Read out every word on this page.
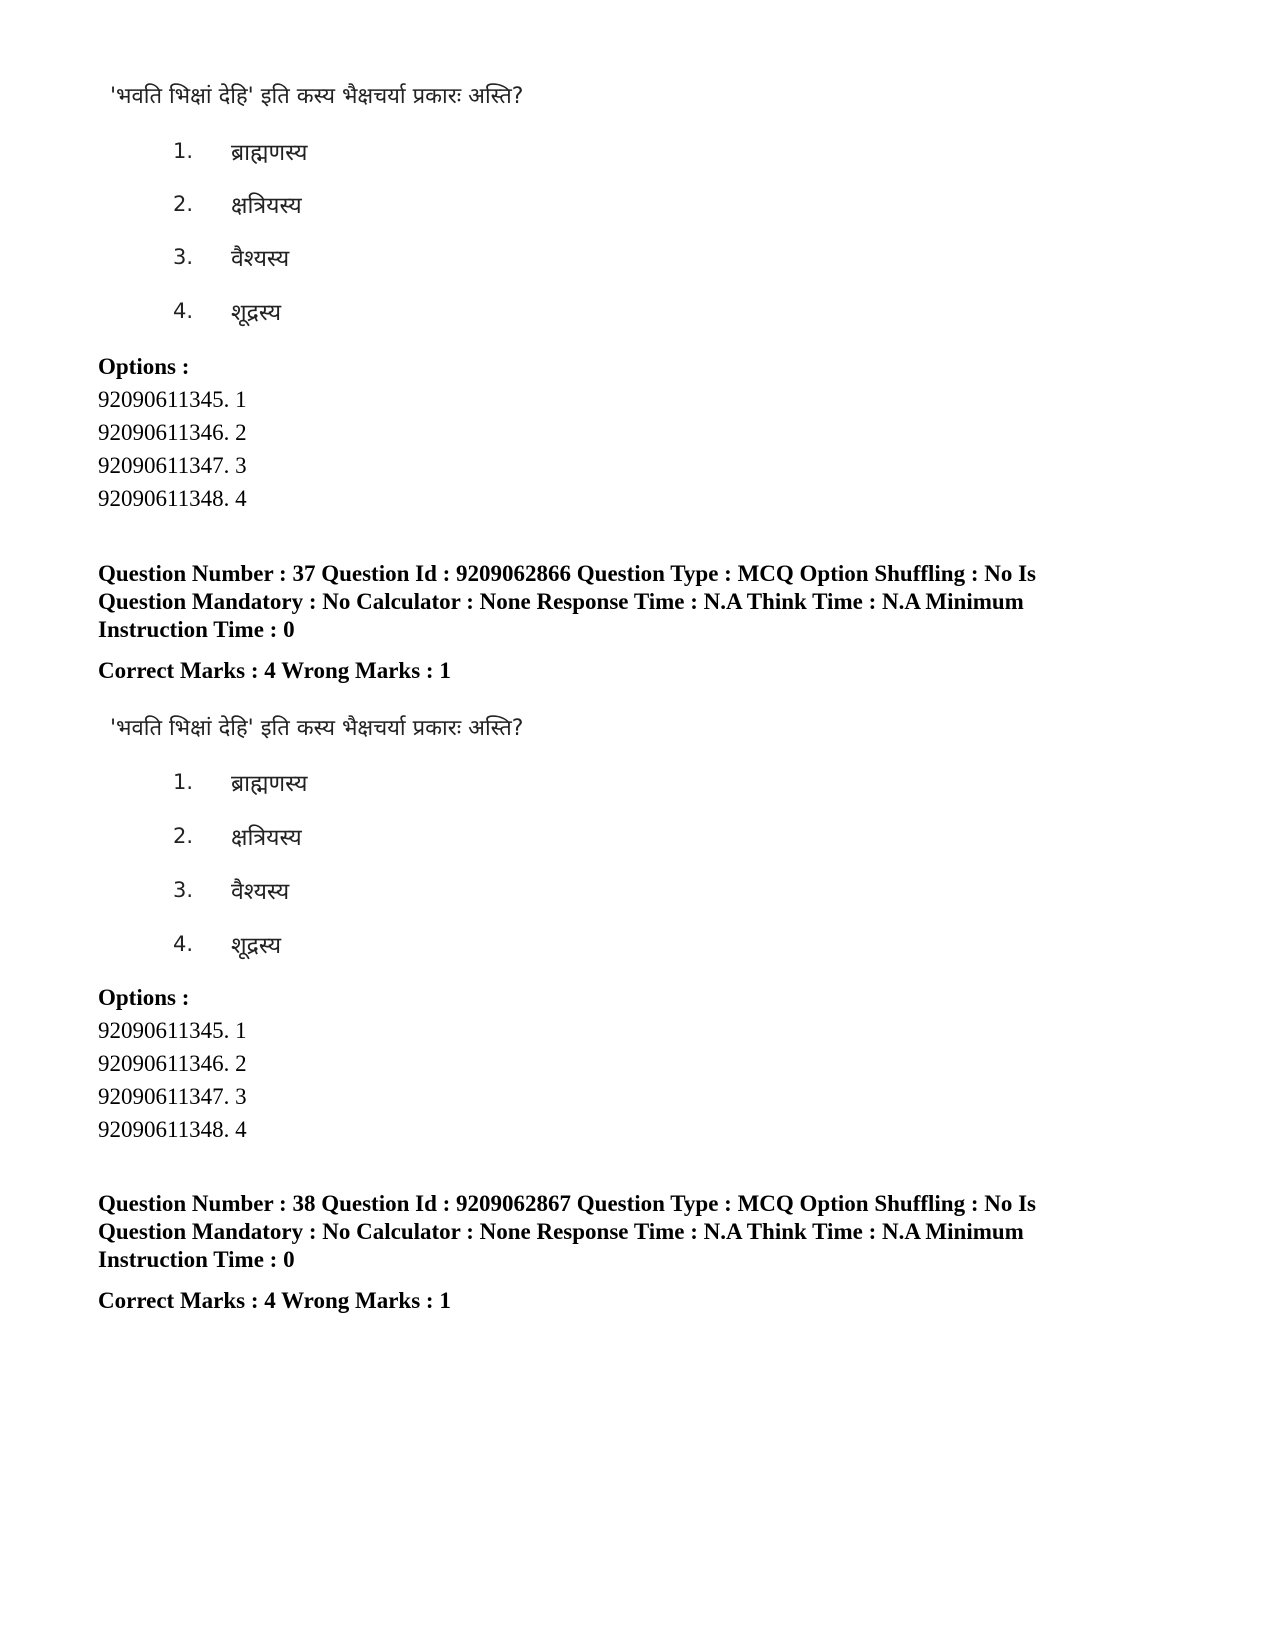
'भवति भिक्षां देहि' इति कस्य भैक्षचर्या प्रकारः अस्ति?
1.	ब्राह्मणस्य
2.	क्षत्रियस्य
3.	वैश्यस्य
4.	शूद्रस्य
Options :
92090611345. 1
92090611346. 2
92090611347. 3
92090611348. 4
Question Number : 37 Question Id : 9209062866 Question Type : MCQ Option Shuffling : No Is
Question Mandatory : No Calculator : None Response Time : N.A Think Time : N.A Minimum
Instruction Time : 0
Correct Marks : 4 Wrong Marks : 1
'भवति भिक्षां देहि' इति कस्य भैक्षचर्या प्रकारः अस्ति?
1.	ब्राह्मणस्य
2.	क्षत्रियस्य
3.	वैश्यस्य
4.	शूद्रस्य
Options :
92090611345. 1
92090611346. 2
92090611347. 3
92090611348. 4
Question Number : 38 Question Id : 9209062867 Question Type : MCQ Option Shuffling : No Is
Question Mandatory : No Calculator : None Response Time : N.A Think Time : N.A Minimum
Instruction Time : 0
Correct Marks : 4 Wrong Marks : 1
